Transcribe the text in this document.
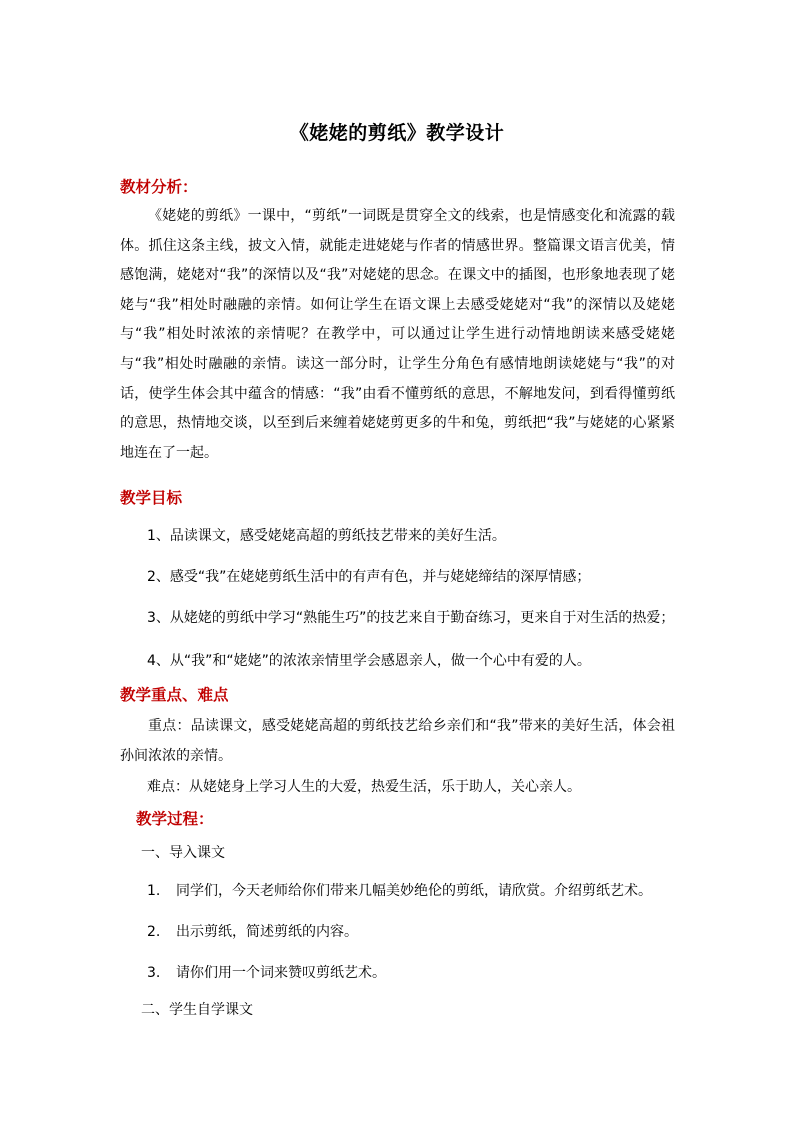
《姥姥的剪纸》教学设计
教材分析：
《姥姥的剪纸》一课中，“剪纸”一词既是贯穿全文的线索，也是情感变化和流露的载体。抓住这条主线，披文入情，就能走进姥姥与作者的情感世界。整篇课文语言优美，情感饱满，姥姥对“我”的深情以及“我”对姥姥的思念。在课文中的插图，也形象地表现了姥姥与“我”相处时融融的亲情。如何让学生在语文课上去感受姥姥对“我”的深情以及姥姥与“我”相处时浓浓的亲情呢？在教学中，可以通过让学生进行动情地朗读来感受姥姥与“我”相处时融融的亲情。读这一部分时，让学生分角色有感情地朗读姥姥与“我”的对话，使学生体会其中蕴含的情感：“我”由看不懂剪纸的意思，不解地发问，到看得懂剪纸的意思，热情地交谈，以至到后来缠着姥姥剪更多的牛和兔，剪纸把“我”与姥姥的心紧紧地连在了一起。
教学目标
1、品读课文，感受姥姥高超的剪纸技艺带来的美好生活。
2、感受“我”在姥姥剪纸生活中的有声有色，并与姥姥缔结的深厚情感；
3、从姥姥的剪纸中学习“熟能生巧”的技艺来自于勤奋练习，更来自于对生活的热爱；
4、从“我”和“姥姥”的浓浓亲情里学会感恩亲人，做一个心中有爱的人。
教学重点、难点
重点：品读课文，感受姥姥高超的剪纸技艺给乡亲们和“我”带来的美好生活，体会祖孙间浓浓的亲情。
难点：从姥姥身上学习人生的大爱，热爱生活，乐于助人，关心亲人。
教学过程：
一、导入课文
1. 同学们，今天老师给你们带来几幅美妙绝伦的剪纸，请欣赏。介绍剪纸艺术。
2. 出示剪纸，简述剪纸的内容。
3. 请你们用一个词来赞叹剪纸艺术。
二、学生自学课文
